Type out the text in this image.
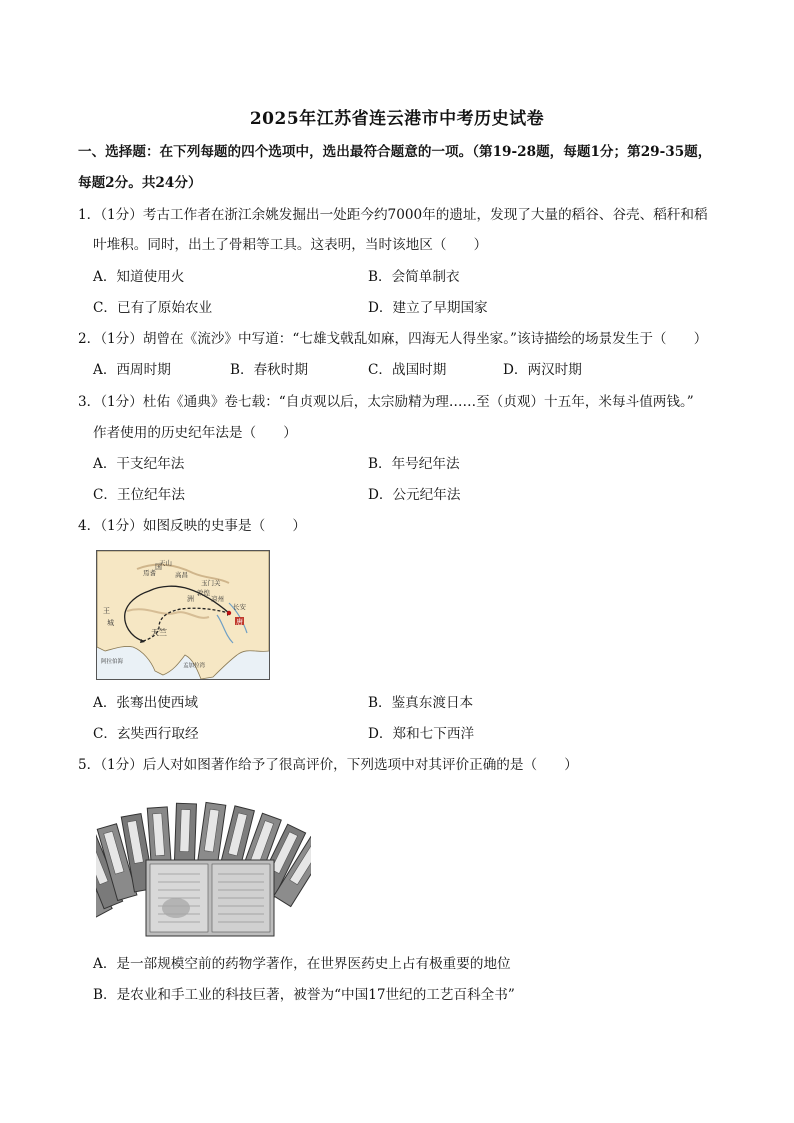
2025年江苏省连云港市中考历史试卷
一、选择题：在下列每题的四个选项中，选出最符合题意的一项。（第19-28题，每题1分；第29-35题，
每题2分。共24分）
1．（1分）考古工作者在浙江余姚发掘出一处距今约7000年的遗址，发现了大量的稻谷、谷壳、稻秆和稻
叶堆积。同时，出土了骨耜等工具。这表明，当时该地区（　　）
A．知道使用火	B．会简单制衣
C．已有了原始农业	D．建立了早期国家
2．（1分）胡曾在《流沙》中写道：“七雄戈戟乱如麻，四海无人得坐家。”该诗描绘的场景发生于（　　）
A．西周时期	B．春秋时期	C．战国时期	D．两汉时期
3．（1分）杜佑《通典》卷七载：“自贞观以后，太宗励精为理……至（贞观）十五年，米每斗值两钱。”
作者使用的历史纪年法是（　　）
A．干支纪年法	B．年号纪年法
C．王位纪年法	D．公元纪年法
4．（1分）如图反映的史事是（　　）
天山
高昌
焉耆
玉门关
敦煌
长安
唐
天竺
阿拉伯海
孟加拉湾
王
城
国
凉州
洲
A．张骞出使西域	B．鉴真东渡日本
C．玄奘西行取经	D．郑和七下西洋
5．（1分）后人对如图著作给予了很高评价，下列选项中对其评价正确的是（　　）
A．是一部规模空前的药物学著作，在世界医药史上占有极重要的地位
B．是农业和手工业的科技巨著，被誉为“中国17世纪的工艺百科全书”
